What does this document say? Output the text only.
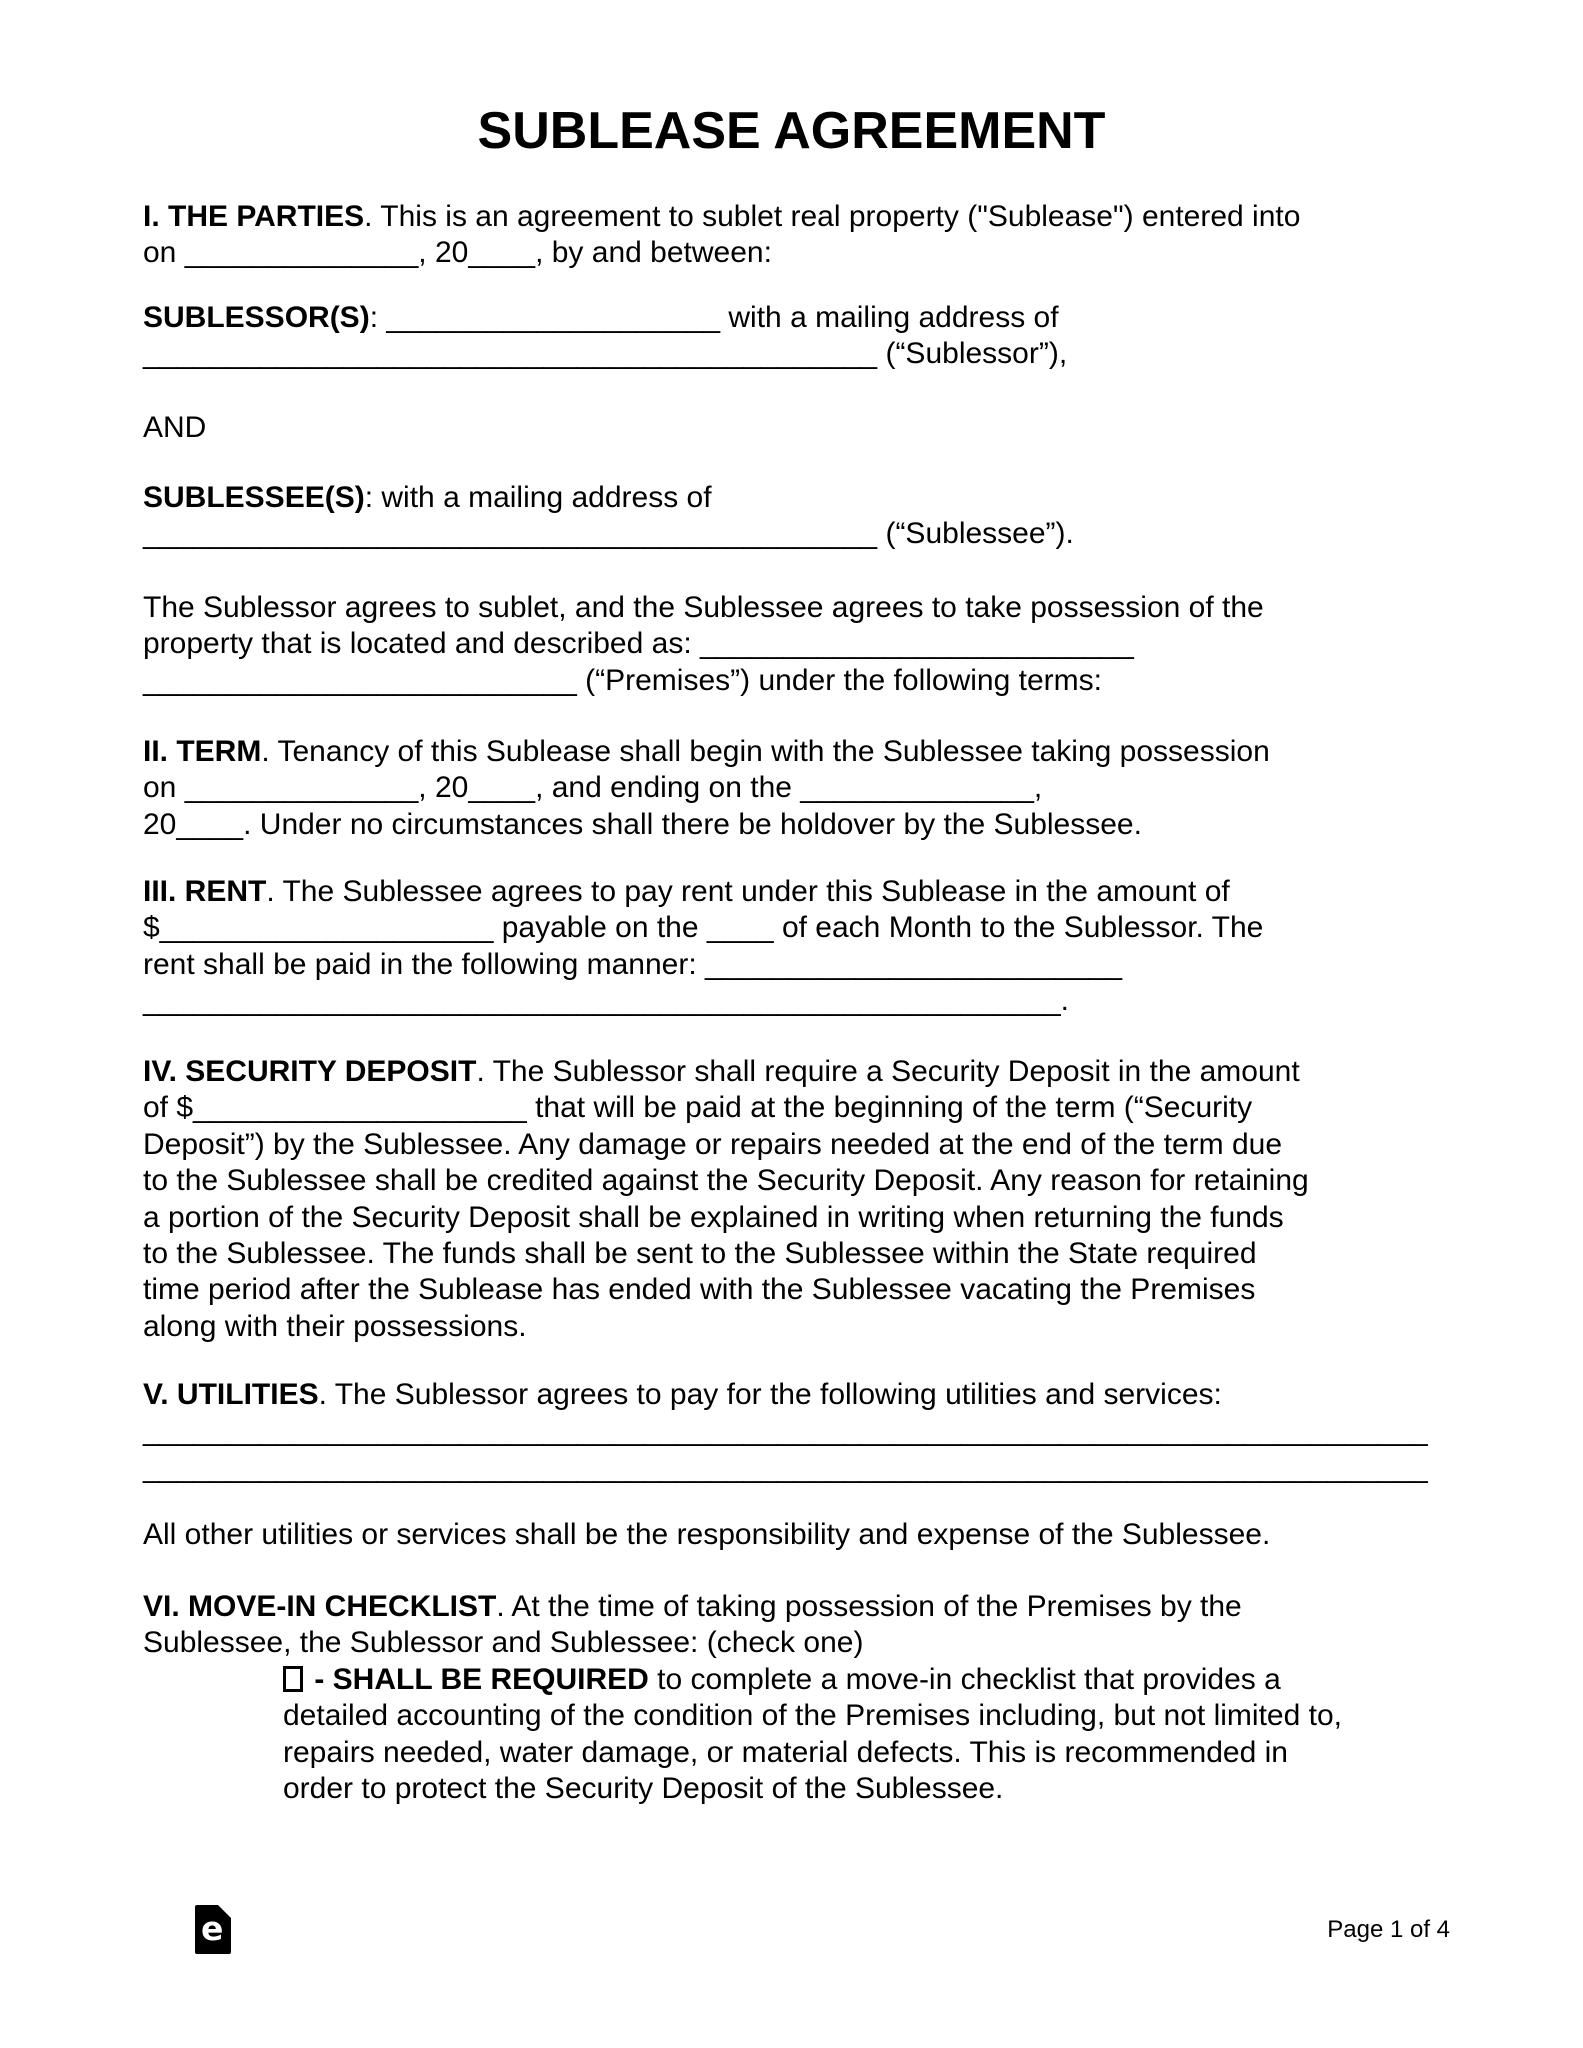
SUBLEASE AGREEMENT
I. THE PARTIES. This is an agreement to sublet real property ("Sublease") entered into
on ______________, 20____, by and between:
SUBLESSOR(S): ____________________ with a mailing address of
____________________________________________ (“Sublessor”),
AND
SUBLESSEE(S): with a mailing address of
____________________________________________ (“Sublessee”).
The Sublessor agrees to sublet, and the Sublessee agrees to take possession of the
property that is located and described as: __________________________
__________________________ (“Premises”) under the following terms:
II. TERM. Tenancy of this Sublease shall begin with the Sublessee taking possession
on ______________, 20____, and ending on the ______________,
20____. Under no circumstances shall there be holdover by the Sublessee.
III. RENT. The Sublessee agrees to pay rent under this Sublease in the amount of
$____________________ payable on the ____ of each Month to the Sublessor. The
rent shall be paid in the following manner: _________________________
_______________________________________________________.
IV. SECURITY DEPOSIT. The Sublessor shall require a Security Deposit in the amount
of $____________________ that will be paid at the beginning of the term (“Security
Deposit”) by the Sublessee. Any damage or repairs needed at the end of the term due
to the Sublessee shall be credited against the Security Deposit. Any reason for retaining
a portion of the Security Deposit shall be explained in writing when returning the funds
to the Sublessee. The funds shall be sent to the Sublessee within the State required
time period after the Sublease has ended with the Sublessee vacating the Premises
along with their possessions.
V. UTILITIES. The Sublessor agrees to pay for the following utilities and services:
_____________________________________________________________________________
_____________________________________________________________________________
All other utilities or services shall be the responsibility and expense of the Sublessee.
VI. MOVE-IN CHECKLIST. At the time of taking possession of the Premises by the
Sublessee, the Sublessor and Sublessee: (check one)
- SHALL BE REQUIRED to complete a move-in checklist that provides a
detailed accounting of the condition of the Premises including, but not limited to,
repairs needed, water damage, or material defects. This is recommended in
order to protect the Security Deposit of the Sublessee.
e	Page 1 of 4
